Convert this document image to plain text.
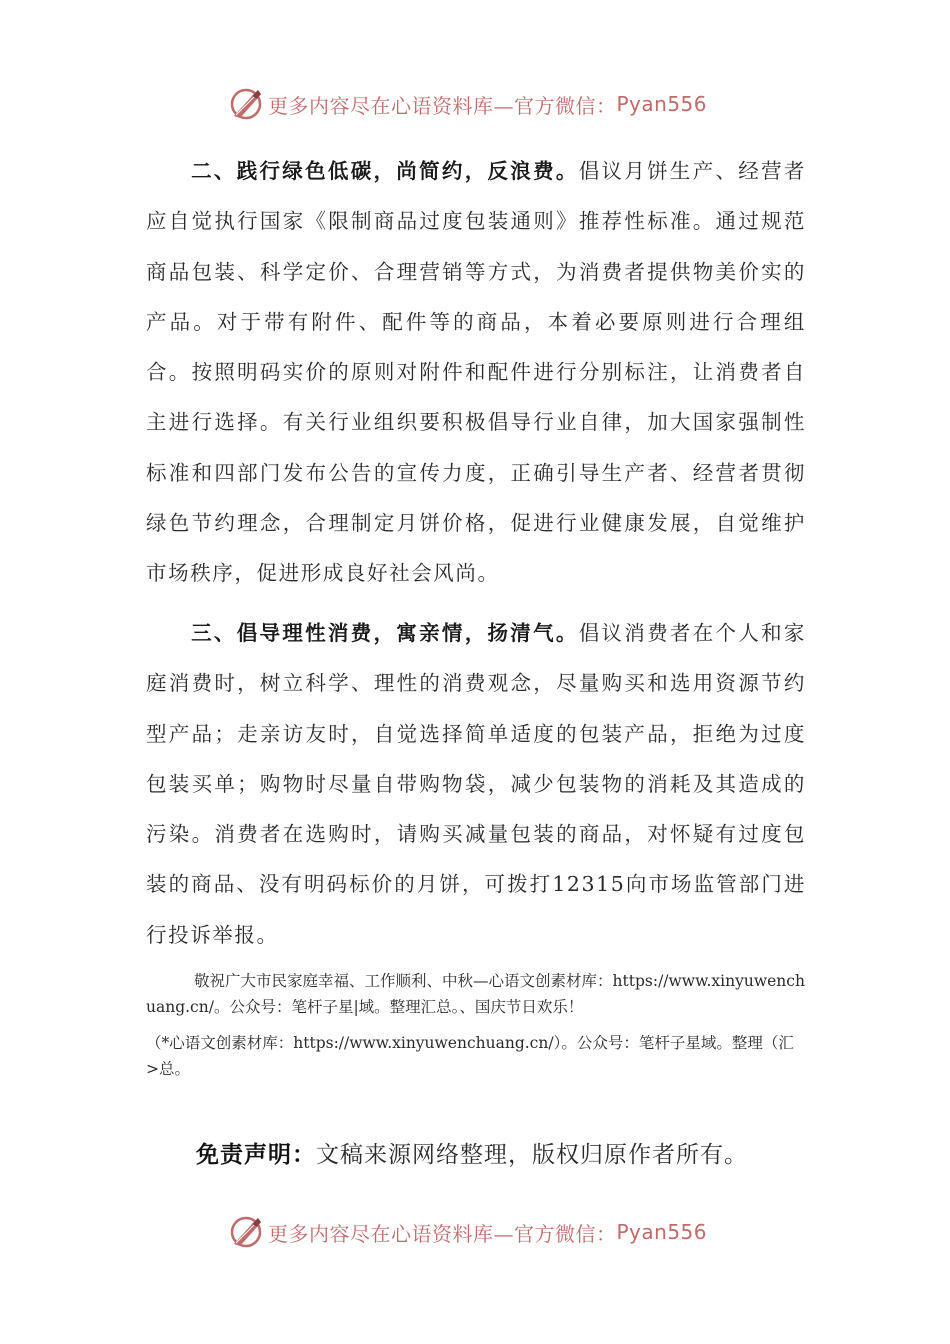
更多内容尽在心语资料库—官方微信： Pyan556

二、践行绿色低碳，尚简约，反浪费。倡议月饼生产、经营者应自觉执行国家《限制商品过度包装通则》推荐性标准。通过规范商品包装、科学定价、合理营销等方式，为消费者提供物美价实的产品。对于带有附件、配件等的商品，本着必要原则进行合理组合。按照明码实价的原则对附件和配件进行分别标注，让消费者自主进行选择。有关行业组织要积极倡导行业自律，加大国家强制性标准和四部门发布公告的宣传力度，正确引导生产者、经营者贯彻绿色节约理念，合理制定月饼价格，促进行业健康发展，自觉维护市场秩序，促进形成良好社会风尚。

三、倡导理性消费，寓亲情，扬清气。倡议消费者在个人和家庭消费时，树立科学、理性的消费观念，尽量购买和选用资源节约型产品；走亲访友时，自觉选择简单适度的包装产品，拒绝为过度包装买单；购物时尽量自带购物袋，减少包装物的消耗及其造成的污染。消费者在选购时，请购买减量包装的商品，对怀疑有过度包装的商品、没有明码标价的月饼，可拨打12315向市场监管部门进行投诉举报。

敬祝广大市民家庭幸福、工作顺利、中秋—心语文创素材库：https://www.xinyuwenchuang.cn/。公众号：笔杆子星|域。整理汇总。、国庆节日欢乐！

（*心语文创素材库：https://www.xinyuwenchuang.cn/）。公众号：笔杆子星域。整理（汇>总。

免责声明：文稿来源网络整理，版权归原作者所有。

更多内容尽在心语资料库—官方微信： Pyan556
